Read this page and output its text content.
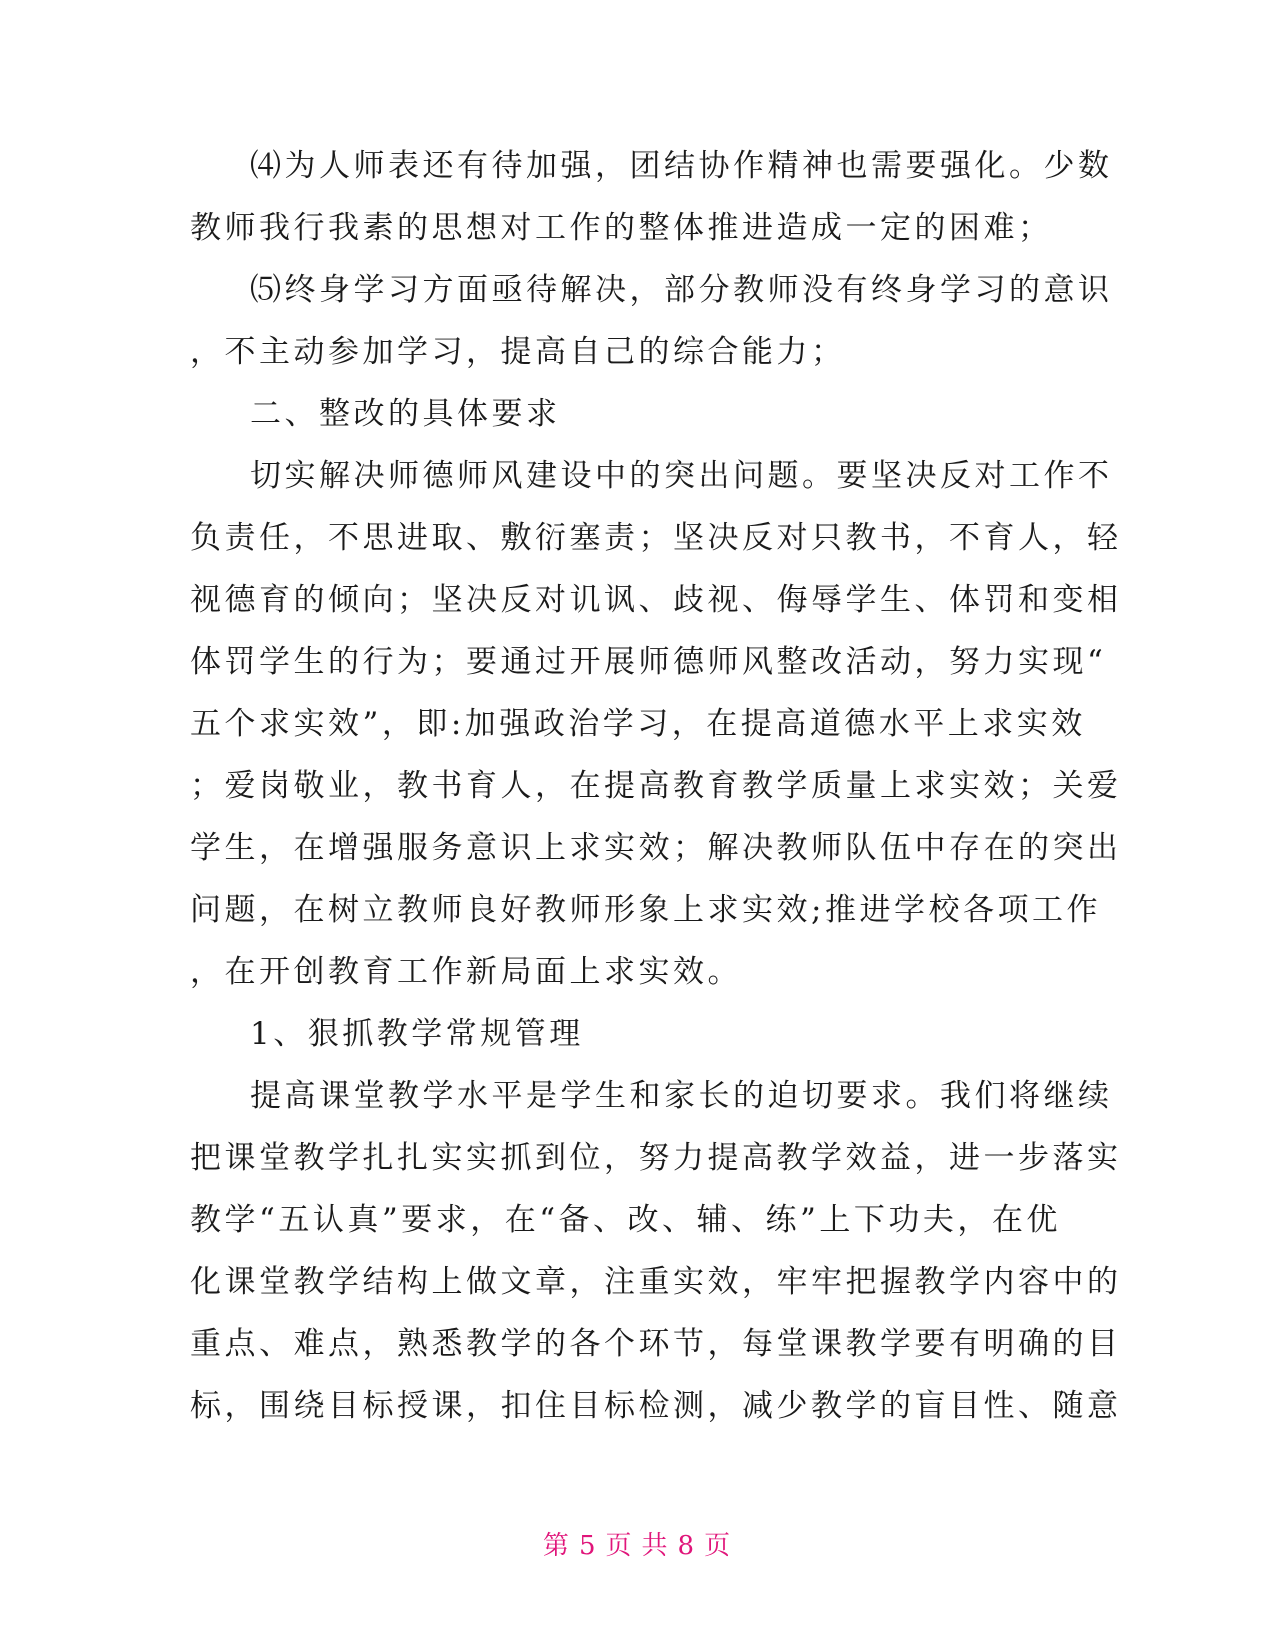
⑷为人师表还有待加强，团结协作精神也需要强化。少数
教师我行我素的思想对工作的整体推进造成一定的困难；
⑸终身学习方面亟待解决，部分教师没有终身学习的意识
，不主动参加学习，提高自己的综合能力；
二、整改的具体要求
切实解决师德师风建设中的突出问题。要坚决反对工作不
负责任，不思进取、敷衍塞责；坚决反对只教书，不育人，轻
视德育的倾向；坚决反对讥讽、歧视、侮辱学生、体罚和变相
体罚学生的行为；要通过开展师德师风整改活动，努力实现“
五个求实效”，即:加强政治学习，在提高道德水平上求实效
；爱岗敬业，教书育人，在提高教育教学质量上求实效；关爱
学生，在增强服务意识上求实效；解决教师队伍中存在的突出
问题，在树立教师良好教师形象上求实效;推进学校各项工作
，在开创教育工作新局面上求实效。
1、狠抓教学常规管理
提高课堂教学水平是学生和家长的迫切要求。我们将继续
把课堂教学扎扎实实抓到位，努力提高教学效益，进一步落实
教学“五认真”要求，在“备、改、辅、练”上下功夫，在优
化课堂教学结构上做文章，注重实效，牢牢把握教学内容中的
重点、难点，熟悉教学的各个环节，每堂课教学要有明确的目
标，围绕目标授课，扣住目标检测，减少教学的盲目性、随意
第 5 页 共 8 页
